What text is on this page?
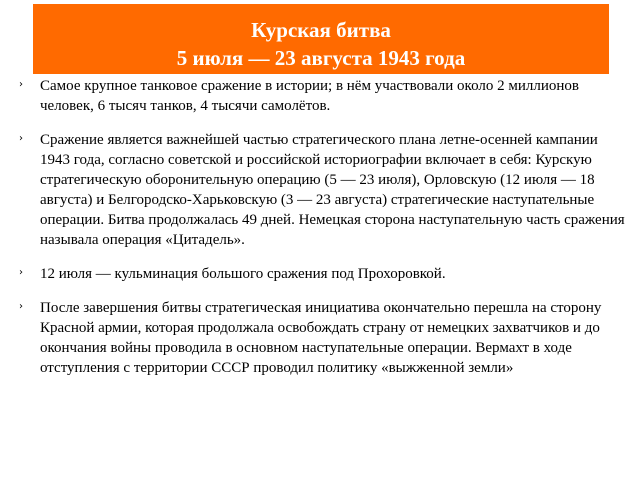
Курская битва
5 июля — 23 августа 1943 года
› Самое крупное танковое сражение в истории; в нём участвовали около 2 миллионов человек, 6 тысяч танков, 4 тысячи самолётов.
› Сражение является важнейшей частью стратегического плана летне-осенней кампании 1943 года, согласно советской и российской историографии включает в себя: Курскую стратегическую оборонительную операцию (5 — 23 июля), Орловскую (12 июля — 18 августа) и Белгородско-Харьковскую (3 — 23 августа) стратегические наступательные операции. Битва продолжалась 49 дней. Немецкая сторона наступательную часть сражения называла операция «Цитадель».
› 12 июля — кульминация большого сражения под Прохоровкой.
› После завершения битвы стратегическая инициатива окончательно перешла на сторону Красной армии, которая продолжала освобождать страну от немецких захватчиков и до окончания войны проводила в основном наступательные операции. Вермахт в ходе отступления с территории СССР проводил политику «выжженной земли»
